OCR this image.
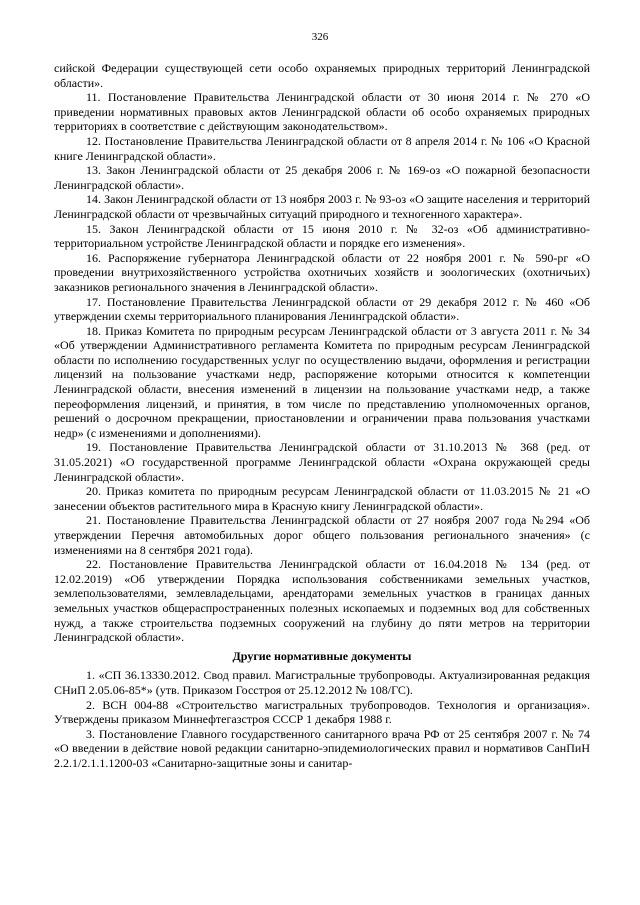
326

сийской Федерации существующей сети особо охраняемых природных территорий Ленинградской области».

11. Постановление Правительства Ленинградской области от 30 июня 2014 г. № 270 «О приведении нормативных правовых актов Ленинградской области об особо охраняемых природных территориях в соответствие с действующим законодательством».

12. Постановление Правительства Ленинградской области от 8 апреля 2014 г. № 106 «О Красной книге Ленинградской области».

13. Закон Ленинградской области от 25 декабря 2006 г. № 169-оз «О пожарной безопасности Ленинградской области».

14. Закон Ленинградской области от 13 ноября 2003 г. № 93-оз «О защите населения и территорий Ленинградской области от чрезвычайных ситуаций природного и техногенного характера».

15. Закон Ленинградской области от 15 июня 2010 г. № 32-оз «Об административно-территориальном устройстве Ленинградской области и порядке его изменения».

16. Распоряжение губернатора Ленинградской области от 22 ноября 2001 г. № 590-рг «О проведении внутрихозяйственного устройства охотничьих хозяйств и зоологических (охотничьих) заказников регионального значения в Ленинградской области».

17. Постановление Правительства Ленинградской области от 29 декабря 2012 г. № 460 «Об утверждении схемы территориального планирования Ленинградской области».

18. Приказ Комитета по природным ресурсам Ленинградской области от 3 августа 2011 г. № 34 «Об утверждении Административного регламента Комитета по природным ресурсам Ленинградской области по исполнению государственных услуг по осуществлению выдачи, оформления и регистрации лицензий на пользование участками недр, распоряжение которыми относится к компетенции Ленинградской области, внесения изменений в лицензии на пользование участками недр, а также переоформления лицензий, и принятия, в том числе по представлению уполномоченных органов, решений о досрочном прекращении, приостановлении и ограничении права пользования участками недр» (с изменениями и дополнениями).

19. Постановление Правительства Ленинградской области от 31.10.2013 № 368 (ред. от 31.05.2021) «О государственной программе Ленинградской области «Охрана окружающей среды Ленинградской области».

20. Приказ комитета по природным ресурсам Ленинградской области от 11.03.2015 № 21 «О занесении объектов растительного мира в Красную книгу Ленинградской области».

21. Постановление Правительства Ленинградской области от 27 ноября 2007 года №294 «Об утверждении Перечня автомобильных дорог общего пользования регионального значения» (с изменениями на 8 сентября 2021 года).

22. Постановление Правительства Ленинградской области от 16.04.2018 № 134 (ред. от 12.02.2019) «Об утверждении Порядка использования собственниками земельных участков, землепользователями, землевладельцами, арендаторами земельных участков в границах данных земельных участков общераспространенных полезных ископаемых и подземных вод для собственных нужд, а также строительства подземных сооружений на глубину до пяти метров на территории Ленинградской области».

Другие нормативные документы

1. «СП 36.13330.2012. Свод правил. Магистральные трубопроводы. Актуализированная редакция СНиП 2.05.06-85*» (утв. Приказом Госстроя от 25.12.2012 № 108/ГС).

2. ВСН 004-88 «Строительство магистральных трубопроводов. Технология и организация». Утверждены приказом Миннефтегазстроя СССР 1 декабря 1988 г.

3. Постановление Главного государственного санитарного врача РФ от 25 сентября 2007 г. № 74 «О введении в действие новой редакции санитарно-эпидемиологических правил и нормативов СанПиН 2.2.1/2.1.1.1200-03 «Санитарно-защитные зоны и санитар-
